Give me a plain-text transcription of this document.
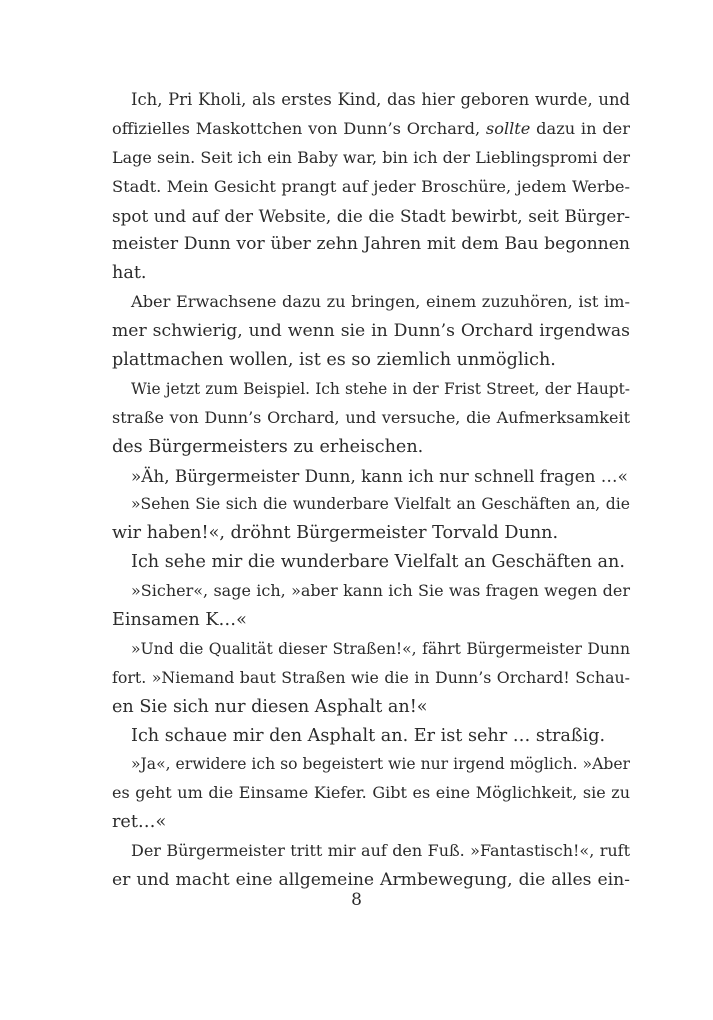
Ich, Pri Kholi, als erstes Kind, das hier geboren wurde, und
offizielles Maskottchen von Dunn’s Orchard, sollte dazu in der
Lage sein. Seit ich ein Baby war, bin ich der Lieblingspromi der
Stadt. Mein Gesicht prangt auf jeder Broschüre, jedem Werbe-
spot und auf der Website, die die Stadt bewirbt, seit Bürger-
meister Dunn vor über zehn Jahren mit dem Bau begonnen
hat.
Aber Erwachsene dazu zu bringen, einem zuzuhören, ist im-
mer schwierig, und wenn sie in Dunn’s Orchard irgendwas
plattmachen wollen, ist es so ziemlich unmöglich.
Wie jetzt zum Beispiel. Ich stehe in der Frist Street, der Haupt-
straße von Dunn’s Orchard, und versuche, die Aufmerksamkeit
des Bürgermeisters zu erheischen.
»Äh, Bürgermeister Dunn, kann ich nur schnell fragen …«
»Sehen Sie sich die wunderbare Vielfalt an Geschäften an, die
wir haben!«, dröhnt Bürgermeister Torvald Dunn.
Ich sehe mir die wunderbare Vielfalt an Geschäften an.
»Sicher«, sage ich, »aber kann ich Sie was fragen wegen der
Einsamen K…«
»Und die Qualität dieser Straßen!«, fährt Bürgermeister Dunn
fort. »Niemand baut Straßen wie die in Dunn’s Orchard! Schau-
en Sie sich nur diesen Asphalt an!«
Ich schaue mir den Asphalt an. Er ist sehr … straßig.
»Ja«, erwidere ich so begeistert wie nur irgend möglich. »Aber
es geht um die Einsame Kiefer. Gibt es eine Möglichkeit, sie zu
ret…«
Der Bürgermeister tritt mir auf den Fuß. »Fantastisch!«, ruft
er und macht eine allgemeine Armbewegung, die alles ein-
8
